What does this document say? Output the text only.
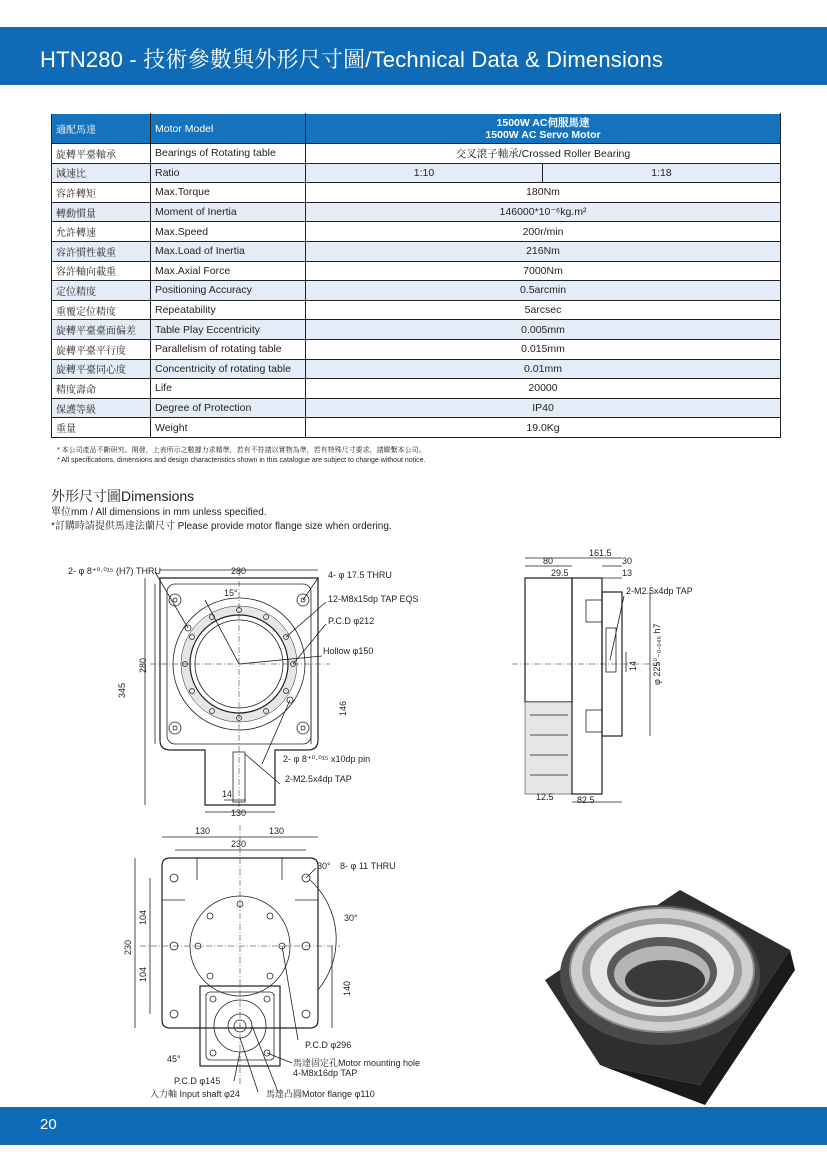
HTN280 - 技術參數與外形尺寸圖/Technical Data & Dimensions
適配馬達	Motor Model	1500W AC伺服馬達
1500W AC Servo Motor	

旋轉平臺軸承	Bearings of Rotating table	交叉滾子軸承/Crossed Roller Bearing	
減速比	Ratio	1:10	1:18
容許轉矩	Max.Torque	180Nm	
轉動慣量	Moment of Inertia	146000*10⁻⁶kg.m²	
允許轉速	Max.Speed	200r/min	
容許慣性載重	Max.Load of Inertia	216Nm	
容許軸向載重	Max.Axial Force	7000Nm	
定位精度	Positioning Accuracy	0.5arcmin	
重覆定位精度	Repeatability	5arcsec	
旋轉平臺臺面偏差	Table Play Eccentricity	0.005mm	
旋轉平臺平行度	Parallelism of rotating table	0.015mm	
旋轉平臺同心度	Concentricity of rotating table	0.01mm	
精度壽命	Life	20000	
保護等級	Degree of Protection	IP40	
重量	Weight	19.0Kg	
* 本公司產品不斷研究、開發，上表所示之數據力求精準，若有不符請以實物為準，若有特殊尺寸要求，請聯繫本公司。
* All specifications, dimensions and design characteristics shown in this catalogue are subject to change without notice.
外形尺寸圖Dimensions
單位mm / All dimensions in mm unless specified.
*訂購時請提供馬達法蘭尺寸 Please provide motor flange size when ordering.
2- φ 8⁺⁰·⁰¹⁵ (H7) THRU	280	4- φ 17.5 THRU
15°
12-M8x15dp TAP EQS
P.C.D φ212
Hollow φ150
345
280
146
2- φ 8⁺⁰·⁰¹⁵ x10dp pin
2-M2.5x4dp TAP
14
130
161.5
80	30
29.5	13
2-M2.5x4dp TAP
14 φ 225⁰₋₀.₀₄₆ h7
12.5	82.5
130	130
230
30° 8- φ 11 THRU
30°
230
104
104
140
P.C.D φ296
馬達固定孔Motor mounting hole
4-M8x16dp TAP
45°
P.C.D φ145
入力軸 Input shaft φ24	馬達凸圓Motor flange φ110
20
